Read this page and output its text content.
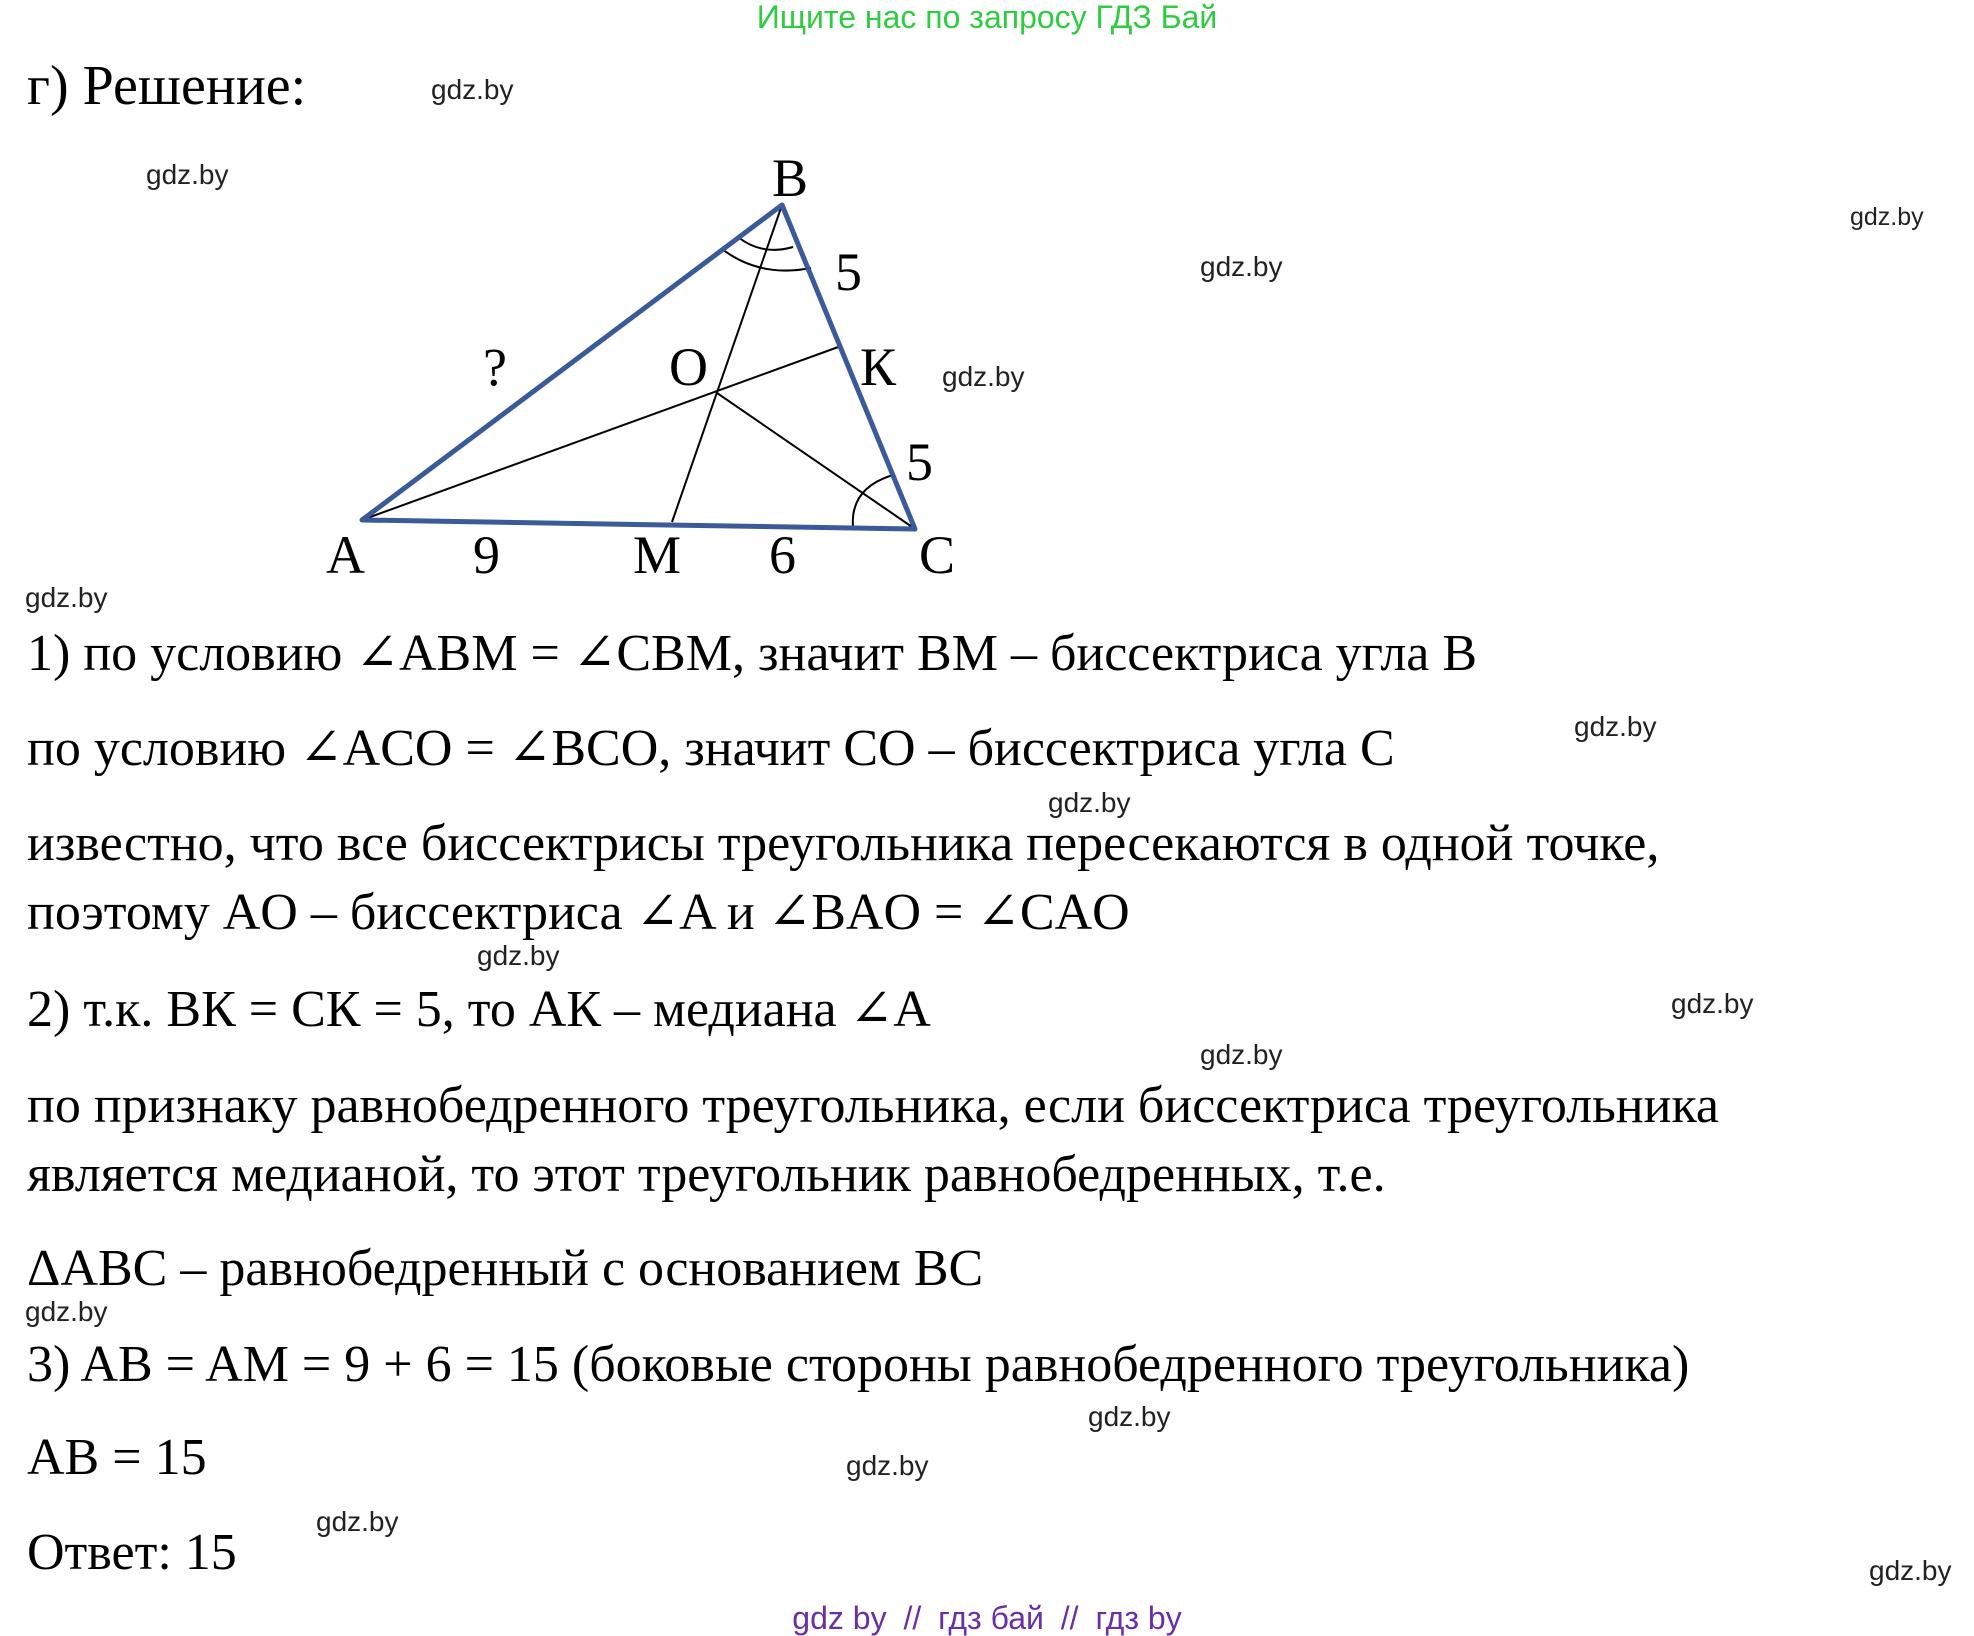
Ищите нас по запросу ГДЗ Бай
г) Решение:
A
B
C
M
O	К
?
5
5
9	6
1) по условию ∠ABM = ∠CBM, значит BM – биссектриса угла B
по условию ∠ACO = ∠BCO, значит CO – биссектриса угла C
известно, что все биссектрисы треугольника пересекаются в одной точке,
поэтому AO – биссектриса ∠A и ∠BAO = ∠CAO
2) т.к. BК = CК = 5, то AК – медиана ∠A
по признаку равнобедренного треугольника, если биссектриса треугольника
является медианой, то этот треугольник равнобедренных, т.е.
ΔABC – равнобедренный с основанием BC
3) AB = AM = 9 + 6 = 15 (боковые стороны равнобедренного треугольника)
AB = 15
Ответ: 15
gdz.by
gdz.by
gdz.by
gdz.by
gdz.by
gdz.by
gdz.by
gdz.by
gdz.by
gdz.by
gdz.by
gdz.by
gdz.by
gdz.by
gdz.by
gdz.by
gdz by // гдз бай // гдз by
